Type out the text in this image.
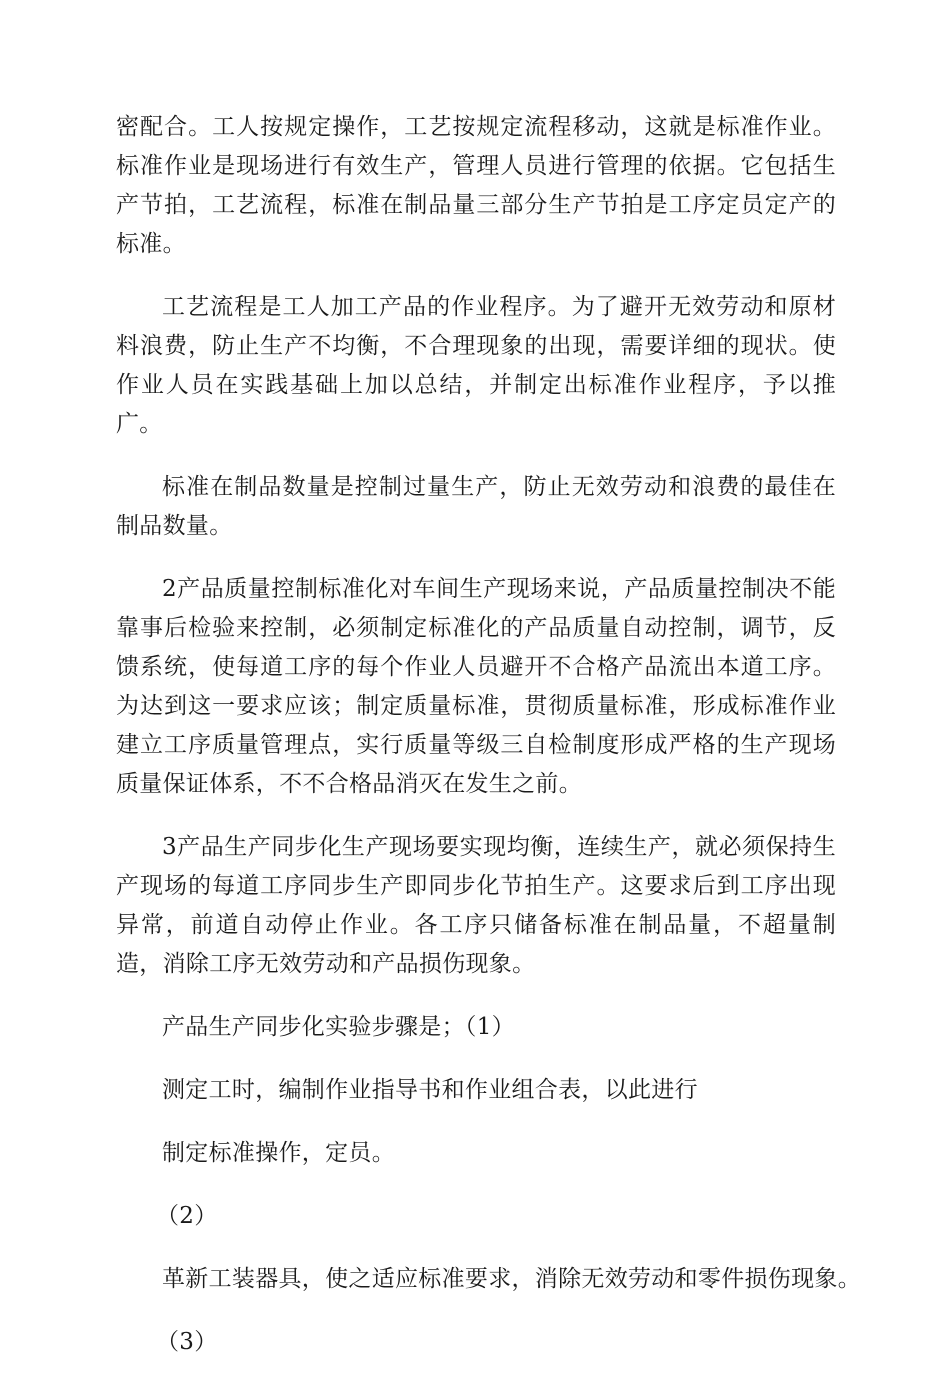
密配合。工人按规定操作，工艺按规定流程移动，这就是标准作业。标准作业是现场进行有效生产，管理人员进行管理的依据。它包括生产节拍，工艺流程，标准在制品量三部分生产节拍是工序定员定产的标准。

工艺流程是工人加工产品的作业程序。为了避开无效劳动和原材料浪费，防止生产不均衡，不合理现象的出现，需要详细的现状。使作业人员在实践基础上加以总结，并制定出标准作业程序，予以推广。

标准在制品数量是控制过量生产，防止无效劳动和浪费的最佳在制品数量。

2产品质量控制标准化对车间生产现场来说，产品质量控制决不能靠事后检验来控制，必须制定标准化的产品质量自动控制，调节，反馈系统，使每道工序的每个作业人员避开不合格产品流出本道工序。为达到这一要求应该；制定质量标准，贯彻质量标准，形成标准作业建立工序质量管理点，实行质量等级三自检制度形成严格的生产现场质量保证体系，不不合格品消灭在发生之前。

3产品生产同步化生产现场要实现均衡，连续生产，就必须保持生产现场的每道工序同步生产即同步化节拍生产。这要求后到工序出现异常，前道自动停止作业。各工序只储备标准在制品量，不超量制造，消除工序无效劳动和产品损伤现象。

产品生产同步化实验步骤是；（1）
测定工时，编制作业指导书和作业组合表，以此进行
制定标准操作，定员。
（2）
革新工装器具，使之适应标准要求，消除无效劳动和零件损伤现象。
（3）
